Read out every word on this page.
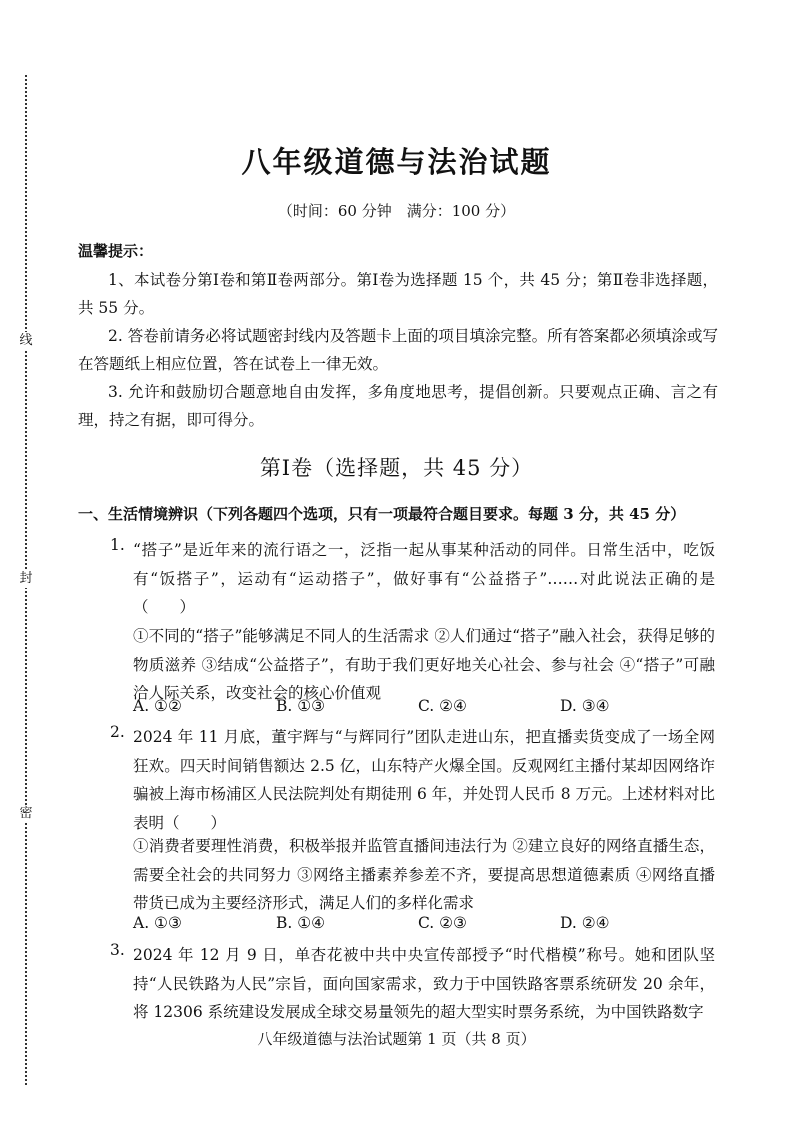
线
封
密
八年级道德与法治试题
（时间：60 分钟　满分：100 分）
温馨提示：
1、本试卷分第Ⅰ卷和第Ⅱ卷两部分。第Ⅰ卷为选择题 15 个，共 45 分；第Ⅱ卷非选择题，共 55 分。
2. 答卷前请务必将试题密封线内及答题卡上面的项目填涂完整。所有答案都必须填涂或写在答题纸上相应位置，答在试卷上一律无效。
3. 允许和鼓励切合题意地自由发挥，多角度地思考，提倡创新。只要观点正确、言之有理，持之有据，即可得分。
第Ⅰ卷（选择题，共 45 分）
一、生活情境辨识（下列各题四个选项，只有一项最符合题目要求。每题 3 分，共 45 分）
1. “搭子”是近年来的流行语之一，泛指一起从事某种活动的同伴。日常生活中，吃饭有“饭搭子”，运动有“运动搭子”，做好事有“公益搭子”……对此说法正确的是（　　）
①不同的“搭子”能够满足不同人的生活需求 ②人们通过“搭子”融入社会，获得足够的物质滋养 ③结成“公益搭子”，有助于我们更好地关心社会、参与社会 ④“搭子”可融洽人际关系，改变社会的核心价值观
A. ①②	B. ①③	C. ②④	D. ③④
2. 2024 年 11 月底，董宇辉与“与辉同行”团队走进山东，把直播卖货变成了一场全网狂欢。四天时间销售额达 2.5 亿，山东特产火爆全国。反观网红主播付某却因网络诈骗被上海市杨浦区人民法院判处有期徒刑 6 年，并处罚人民币 8 万元。上述材料对比表明（　　）
①消费者要理性消费，积极举报并监管直播间违法行为 ②建立良好的网络直播生态，需要全社会的共同努力 ③网络主播素养参差不齐，要提高思想道德素质 ④网络直播带货已成为主要经济形式，满足人们的多样化需求
A. ①③	B. ①④	C. ②③	D. ②④
3. 2024 年 12 月 9 日，单杏花被中共中央宣传部授予“时代楷模”称号。她和团队坚持“人民铁路为人民”宗旨，面向国家需求，致力于中国铁路客票系统研发 20 余年，将 12306 系统建设发展成全球交易量领先的超大型实时票务系统，为中国铁路数字
八年级道德与法治试题第 1 页（共 8 页）
